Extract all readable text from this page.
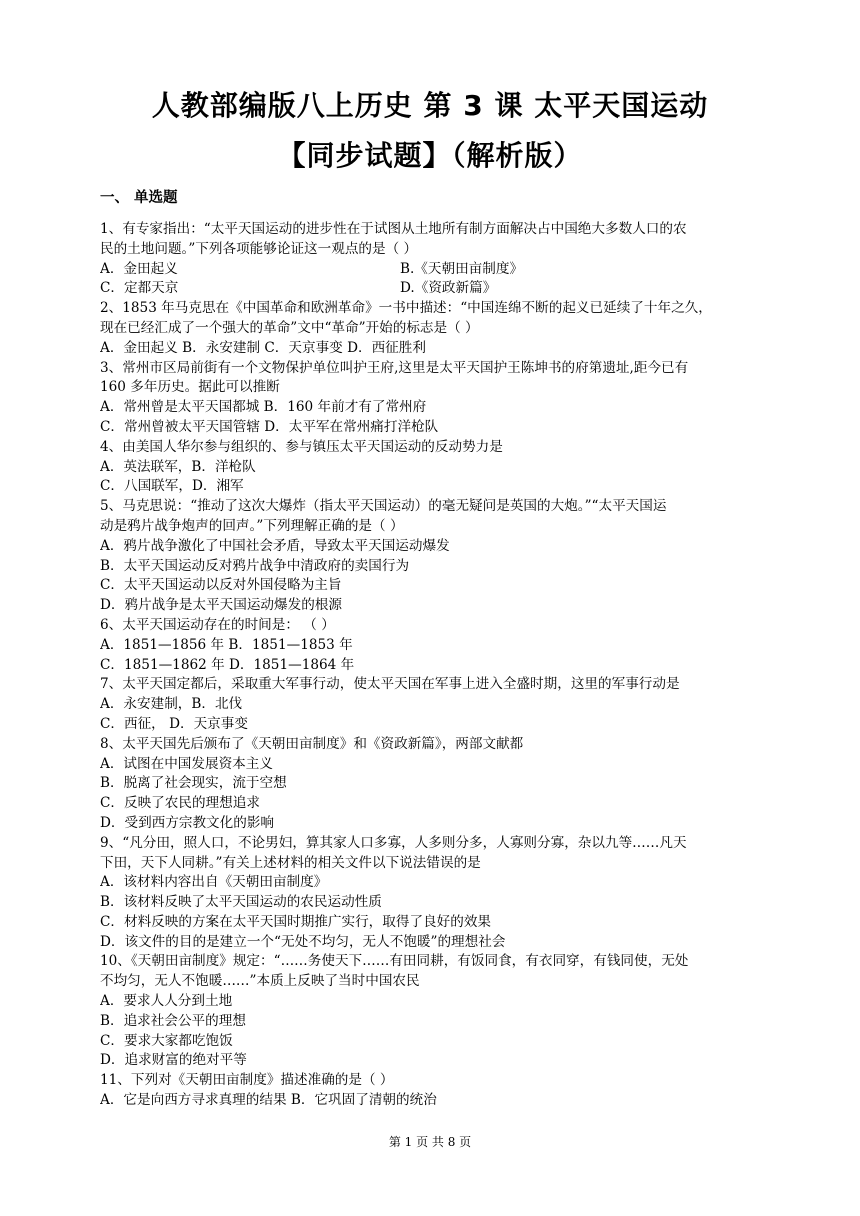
人教部编版八上历史 第 3 课 太平天国运动
【同步试题】（解析版）
一、 单选题
1、有专家指出：“太平天国运动的进步性在于试图从土地所有制方面解决占中国绝大多数人口的农
民的土地问题。”下列各项能够论证这一观点的是（ ）
A．金田起义	B.《天朝田亩制度》
C．定都天京	D.《资政新篇》
2、1853 年马克思在《中国革命和欧洲革命》一书中描述：“中国连绵不断的起义已延续了十年之久，
现在已经汇成了一个强大的革命”文中“革命”开始的标志是（ ）
A．金田起义 B．永安建制 C．天京事变 D．西征胜利
3、常州市区局前街有一个文物保护单位叫护王府,这里是太平天国护王陈坤书的府第遗址,距今已有
160 多年历史。据此可以推断
A．常州曾是太平天国都城 B．160 年前才有了常州府
C．常州曾被太平天国管辖 D．太平军在常州痛打洋枪队
4、由美国人华尔参与组织的、参与镇压太平天国运动的反动势力是
A．英法联军，B．洋枪队
C．八国联军，D．湘军
5、马克思说：“推动了这次大爆炸（指太平天国运动）的毫无疑问是英国的大炮。”“太平天国运
动是鸦片战争炮声的回声。”下列理解正确的是（ ）
A．鸦片战争激化了中国社会矛盾，导致太平天国运动爆发
B．太平天国运动反对鸦片战争中清政府的卖国行为
C．太平天国运动以反对外国侵略为主旨
D．鸦片战争是太平天国运动爆发的根源
6、太平天国运动存在的时间是： （ ）
A．1851—1856 年 B．1851—1853 年
C．1851—1862 年 D．1851—1864 年
7、太平天国定都后，采取重大军事行动，使太平天国在军事上进入全盛时期，这里的军事行动是
A．永安建制，B．北伐
C．西征， D．天京事变
8、太平天国先后颁布了《天朝田亩制度》和《资政新篇》，两部文献都
A．试图在中国发展资本主义
B．脱离了社会现实，流于空想
C．反映了农民的理想追求
D．受到西方宗教文化的影响
9、“凡分田，照人口，不论男妇，算其家人口多寡，人多则分多，人寡则分寡，杂以九等……凡天
下田，天下人同耕。”有关上述材料的相关文件以下说法错误的是
A．该材料内容出自《天朝田亩制度》
B．该材料反映了太平天国运动的农民运动性质
C．材料反映的方案在太平天国时期推广实行，取得了良好的效果
D．该文件的目的是建立一个“无处不均匀，无人不饱暖”的理想社会
10、《天朝田亩制度》规定：“……务使天下……有田同耕，有饭同食，有衣同穿，有钱同使，无处
不均匀，无人不饱暖……”本质上反映了当时中国农民
A．要求人人分到土地
B．追求社会公平的理想
C．要求大家都吃饱饭
D．追求财富的绝对平等
11、下列对《天朝田亩制度》描述准确的是（ ）
A．它是向西方寻求真理的结果 B．它巩固了清朝的统治
第 1 页 共 8 页
